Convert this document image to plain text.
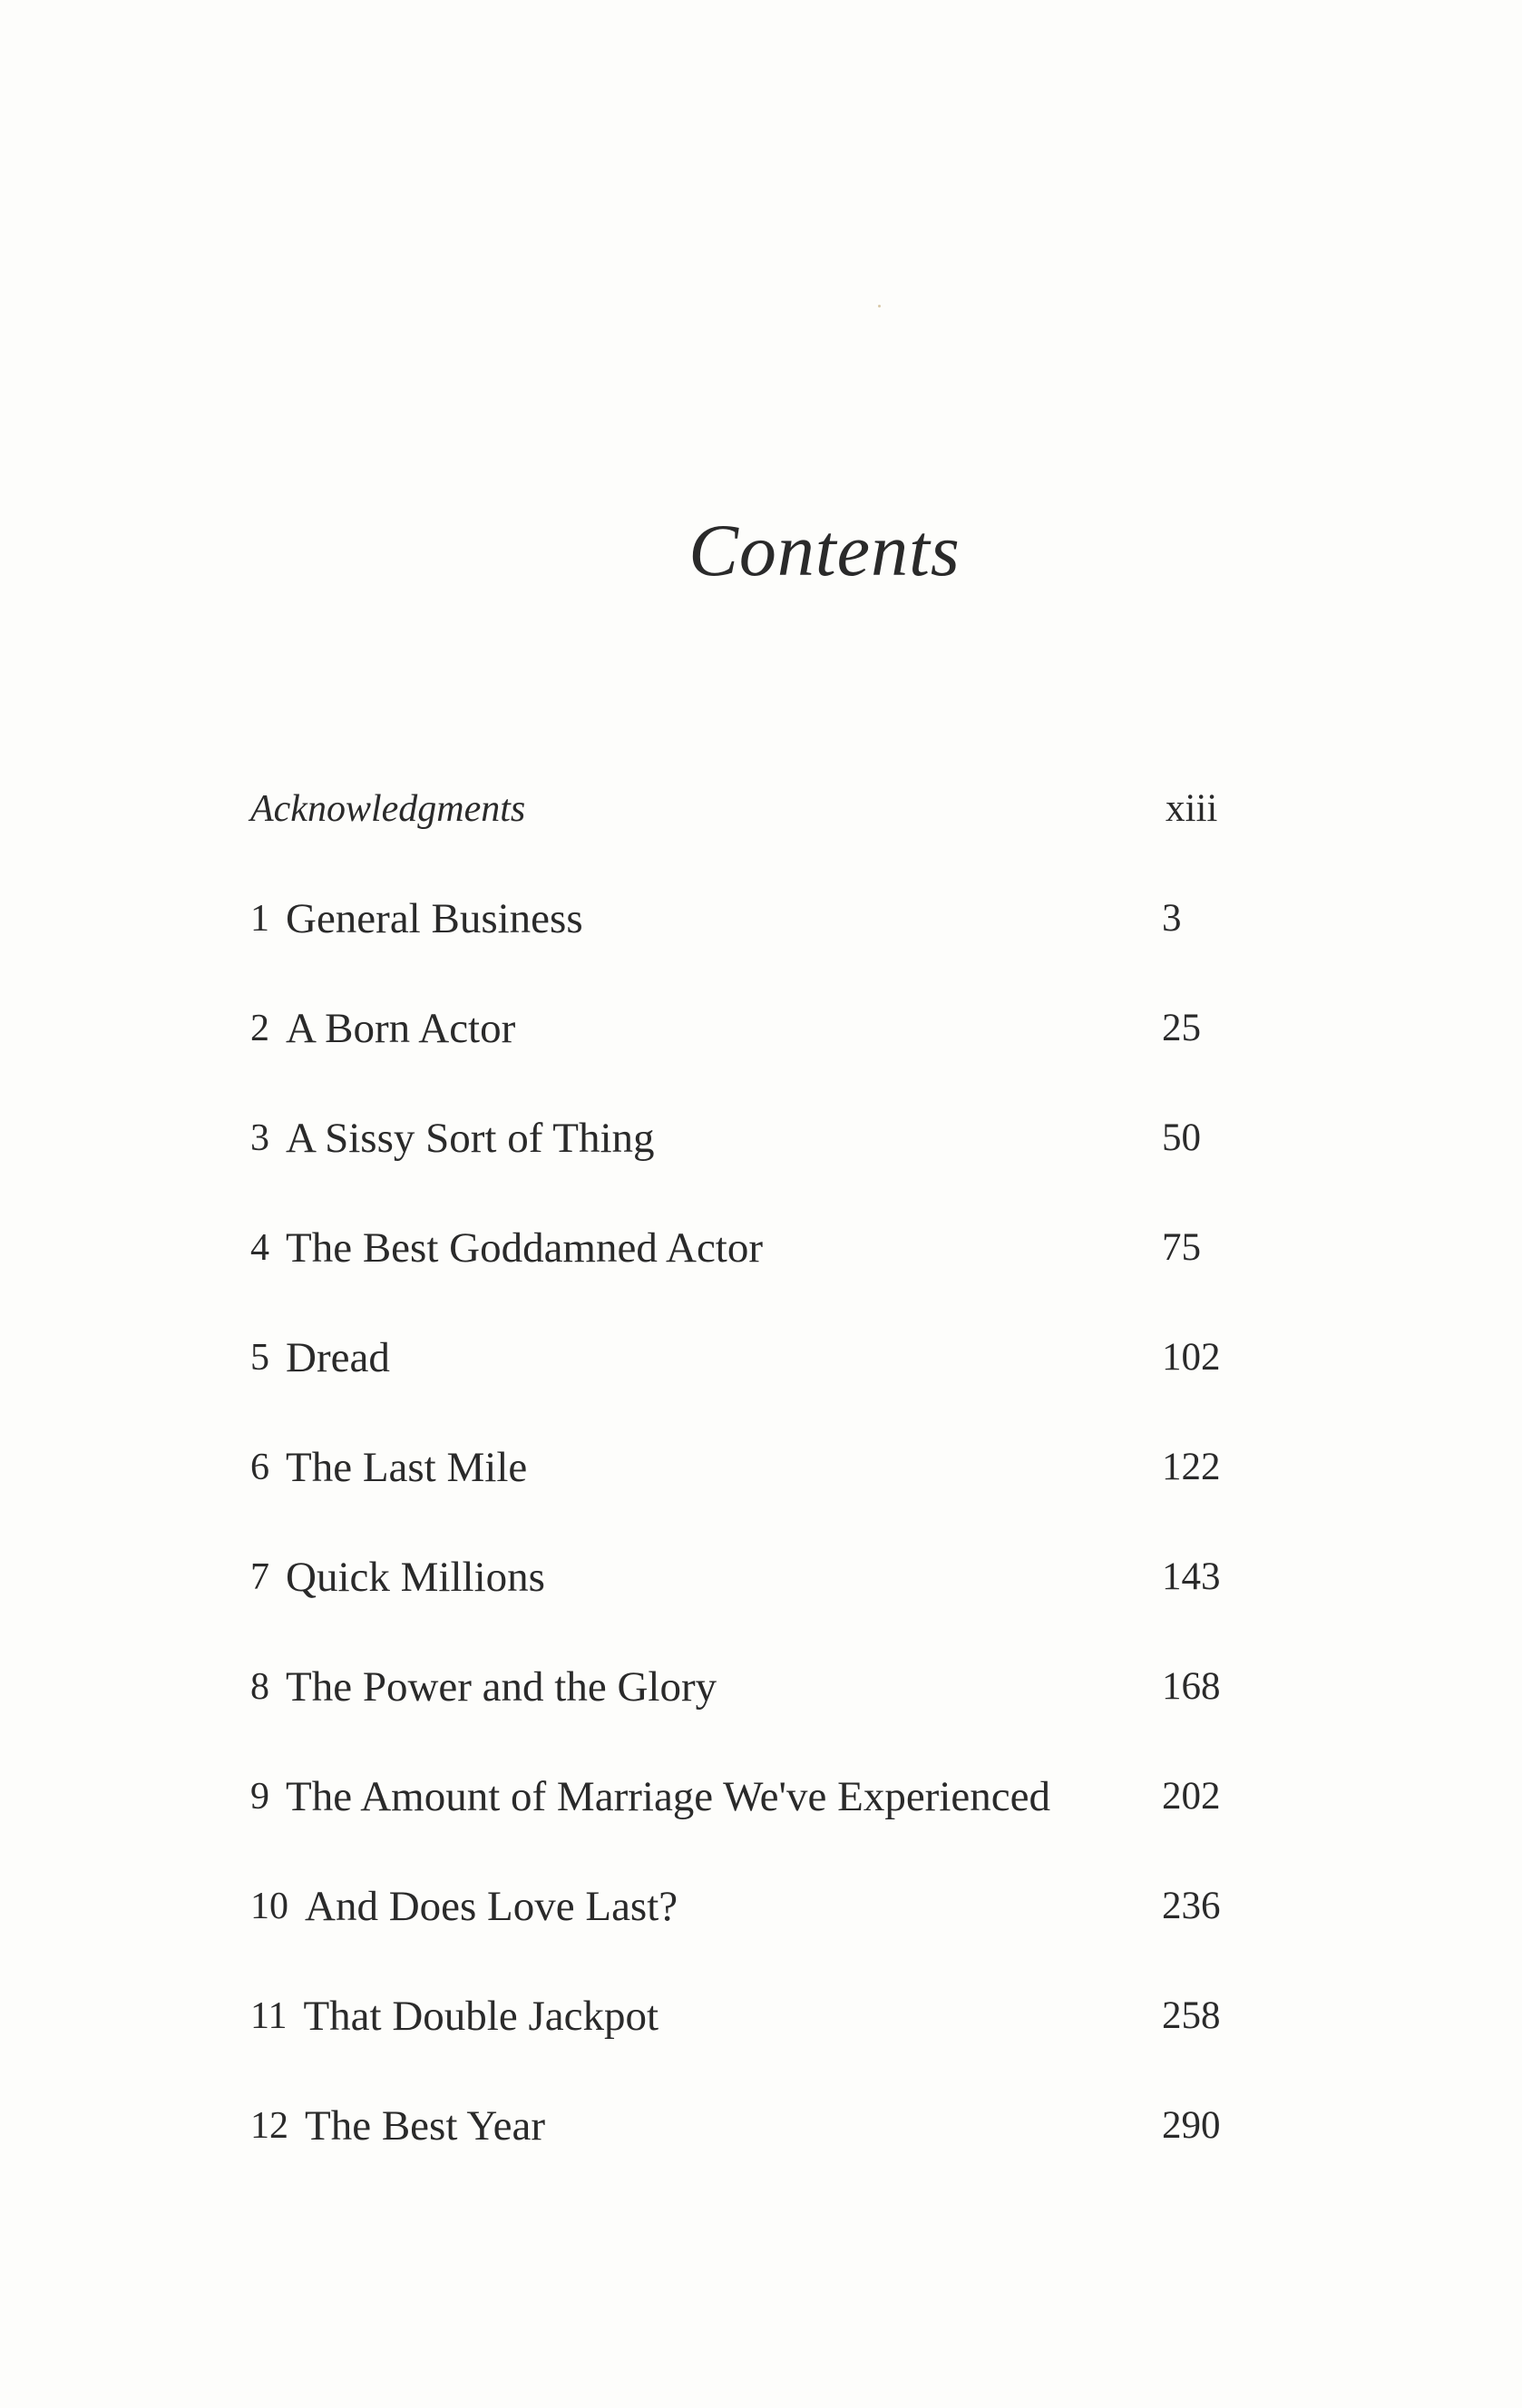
Contents
Acknowledgments	xiii
1 General Business	3
2 A Born Actor	25
3 A Sissy Sort of Thing	50
4 The Best Goddamned Actor	75
5 Dread	102
6 The Last Mile	122
7 Quick Millions	143
8 The Power and the Glory	168
9 The Amount of Marriage We've Experienced	202
10 And Does Love Last?	236
11 That Double Jackpot	258
12 The Best Year	290
